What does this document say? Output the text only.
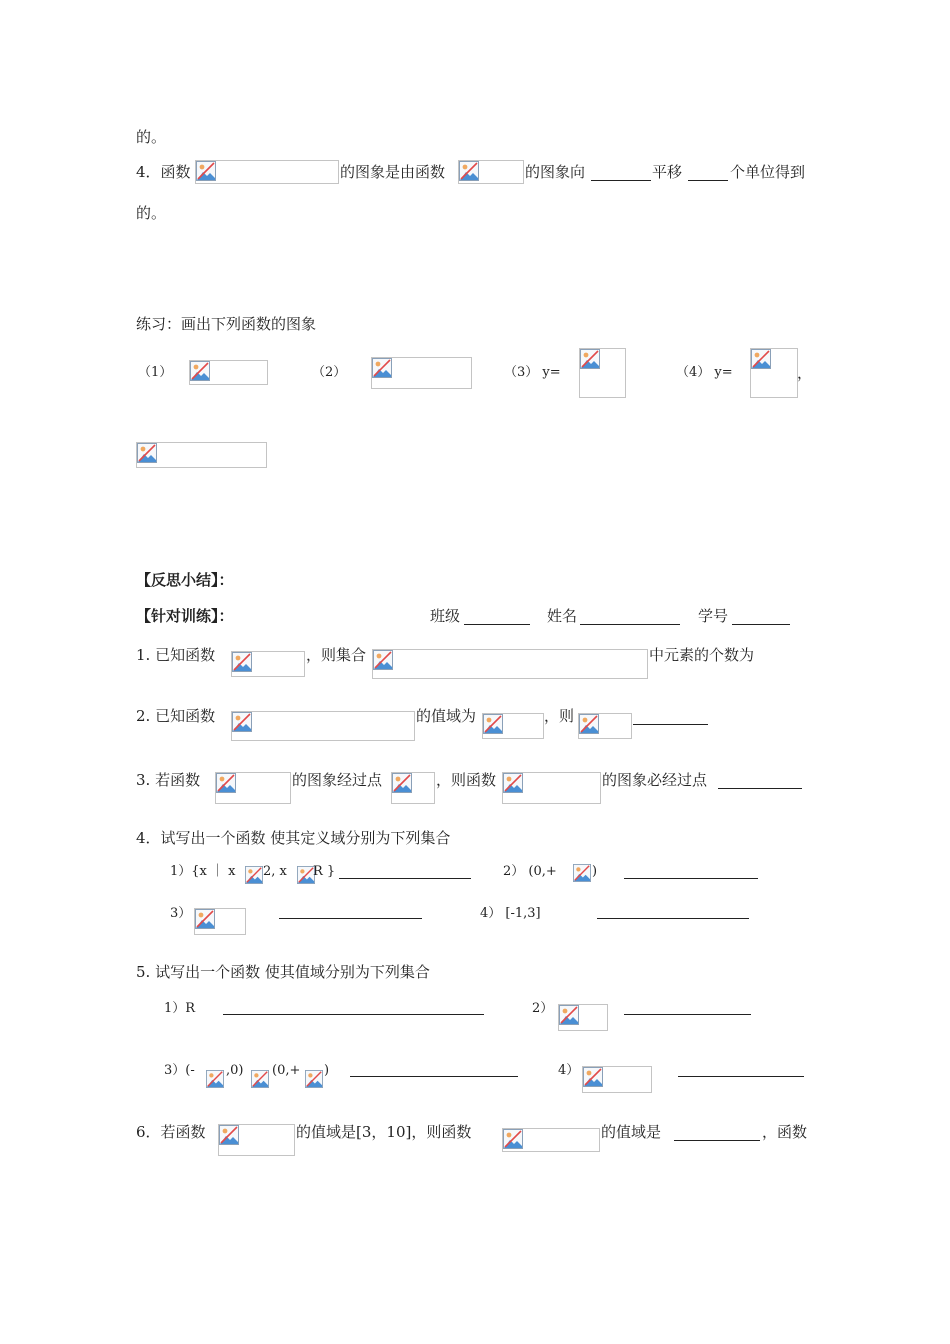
的。
4．函数	的图象是由函数	的图象向	平移	个单位得到
的。
练习：画出下列函数的图象
（1）	（2）	（3） y=	（4） y=	，
【反思小结】：
【针对训练】：	班级	姓名	学号
1. 已知函数	，则集合	中元素的个数为
2. 已知函数	的值域为	，则
3. 若函数	的图象经过点	，则函数	的图象必经过点
4．试写出一个函数 使其定义域分别为下列集合
1）{x ｜ x 2, x R }	2） (0,+	)
3）	4） [-1,3]
5. 试写出一个函数 使其值域分别为下列集合
1）R	2）
3）(- ,0) (0,+ )	4）
6．若函数	的值域是[3，10]，则函数	的值域是	，函数
